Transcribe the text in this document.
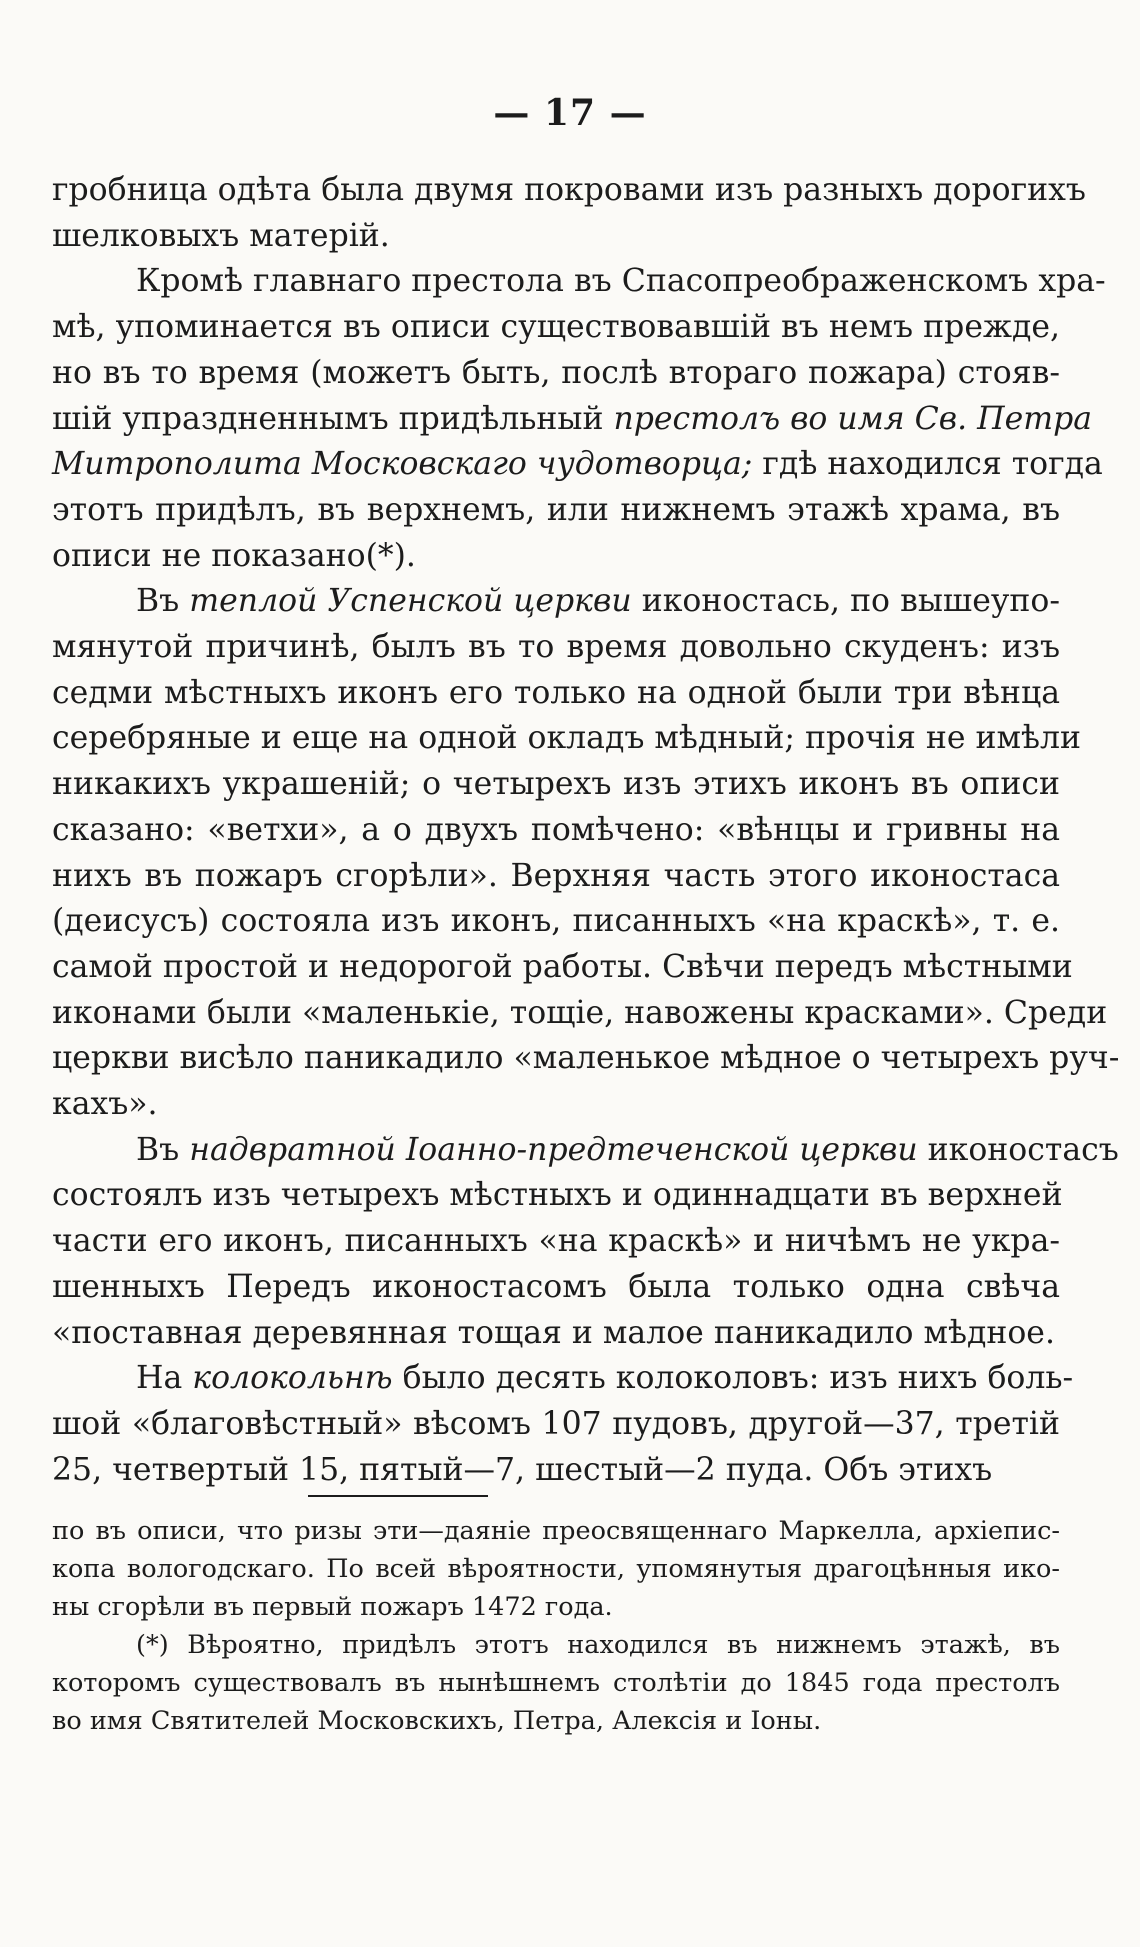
— 17 —
гробница одѣта была двумя покровами изъ разныхъ дорогихъ
шелковыхъ матерій.
Кромѣ главнаго престола въ Спасопреображенскомъ хра-
мѣ, упоминается въ описи существовавшій въ немъ прежде,
но въ то время (можетъ быть, послѣ втораго пожара) стояв-
шій упраздненнымъ придѣльный престолъ во имя Св. Петра
Митрополита Московскаго чудотворца; гдѣ находился тогда
этотъ придѣлъ, въ верхнемъ, или нижнемъ этажѣ храма, въ
описи не показано(*).
Въ теплой Успенской церкви иконостась, по вышеупо-
мянутой причинѣ, былъ въ то время довольно скуденъ: изъ
седми мѣстныхъ иконъ его только на одной были три вѣнца
серебряные и еще на одной окладъ мѣдный; прочія не имѣли
никакихъ украшеній; о четырехъ изъ этихъ иконъ въ описи
сказано: «ветхи», а о двухъ помѣчено: «вѣнцы и гривны на
нихъ въ пожаръ сгорѣли». Верхняя часть этого иконостаса
(деисусъ) состояла изъ иконъ, писанныхъ «на краскѣ», т. е.
самой простой и недорогой работы. Свѣчи передъ мѣстными
иконами были «маленькіе, тощіе, навожены красками». Среди
церкви висѣло паникадило «маленькое мѣдное о четырехъ руч-
кахъ».
Въ надвратной Іоанно-предтеченской церкви иконостасъ
состоялъ изъ четырехъ мѣстныхъ и одиннадцати въ верхней
части его иконъ, писанныхъ «на краскѣ» и ничѣмъ не укра-
шенныхъ Передъ иконостасомъ была только одна свѣча
«поставная деревянная тощая и малое паникадило мѣдное.
На колокольнѣ было десять колоколовъ: изъ нихъ боль-
шой «благовѣстный» вѣсомъ 107 пудовъ, другой—37, третій
25, четвертый 15, пятый—7, шестый—2 пуда. Объ этихъ
по въ описи, что ризы эти—даяніе преосвященнаго Маркелла, архіепис-
копа вологодскаго. По всей вѣроятности, упомянутыя драгоцѣнныя ико-
ны сгорѣли въ первый пожаръ 1472 года.
(*) Вѣроятно, придѣлъ этотъ находился въ нижнемъ этажѣ, въ
которомъ существовалъ въ нынѣшнемъ столѣтіи до 1845 года престолъ
во имя Святителей Московскихъ, Петра, Алексія и Іоны.
